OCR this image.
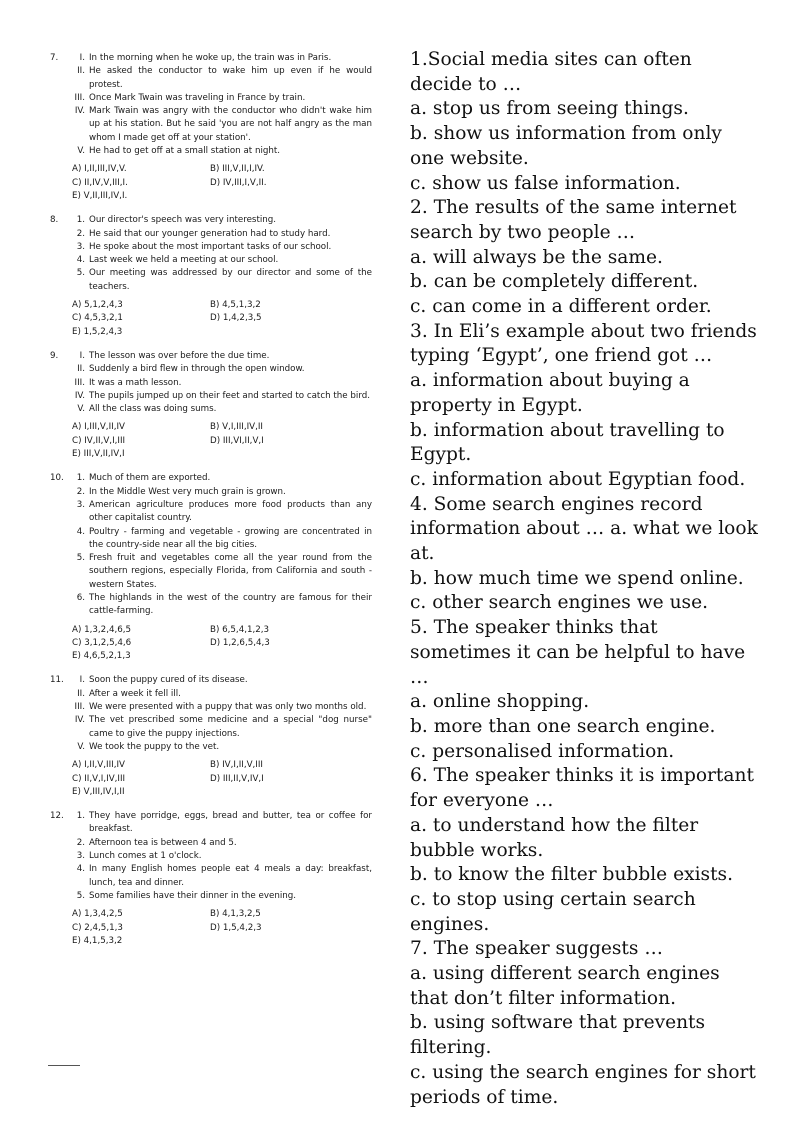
7.	I. In the morning when he woke up, the train was in Paris.
II. He asked the conductor to wake him up even if he would protest.
III. Once Mark Twain was traveling in France by train.
IV. Mark Twain was angry with the conductor who didn't wake him up at his station. But he said 'you are not half angry as the man whom I made get off at your station'.
V. He had to get off at a small station at night.
A) I,II,III,IV,V.	B) III,V,II,I,IV.
C) II,IV,V,III,I.	D) IV,III,I,V,II.
E) V,II,III,IV,I.
8.	1. Our director's speech was very interesting.
2. He said that our younger generation had to study hard.
3. He spoke about the most important tasks of our school.
4. Last week we held a meeting at our school.
5. Our meeting was addressed by our director and some of the teachers.
A) 5,1,2,4,3	B) 4,5,1,3,2
C) 4,5,3,2,1	D) 1,4,2,3,5
E) 1,5,2,4,3
9.	I. The lesson was over before the due time.
II. Suddenly a bird flew in through the open window.
III. It was a math lesson.
IV. The pupils jumped up on their feet and started to catch the bird.
V. All the class was doing sums.
A) I,III,V,II,IV	B) V,I,III,IV,II
C) IV,II,V,I,III	D) III,VI,II,V,I
E) III,V,II,IV,I
10.	1. Much of them are exported.
2. In the Middle West very much grain is grown.
3. American agriculture produces more food products than any other capitalist country.
4. Poultry - farming and vegetable - growing are concentrated in the country-side near all the big cities.
5. Fresh fruit and vegetables come all the year round from the southern regions, especially Florida, from California and south - western States.
6. The highlands in the west of the country are famous for their cattle-farming.
A) 1,3,2,4,6,5	B) 6,5,4,1,2,3
C) 3,1,2,5,4,6	D) 1,2,6,5,4,3
E) 4,6,5,2,1,3
11.	I. Soon the puppy cured of its disease.
II. After a week it fell ill.
III. We were presented with a puppy that was only two months old.
IV. The vet prescribed some medicine and a special "dog nurse" came to give the puppy injections.
V. We took the puppy to the vet.
A) I,II,V,III,IV	B) IV,I,II,V,III
C) II,V,I,IV,III	D) III,II,V,IV,I
E) V,III,IV,I,II
12.	1. They have porridge, eggs, bread and butter, tea or coffee for breakfast.
2. Afternoon tea is between 4 and 5.
3. Lunch comes at 1 o'clock.
4. In many English homes people eat 4 meals a day: breakfast, lunch, tea and dinner.
5. Some families have their dinner in the evening.
A) 1,3,4,2,5	B) 4,1,3,2,5
C) 2,4,5,1,3	D) 1,5,4,2,3
E) 4,1,5,3,2

1.Social media sites can often decide to …

a. stop us from seeing things.

b. show us information from only one website.

c. show us false information.

2. The results of the same internet search by two people …

a. will always be the same.

b. can be completely different.

c. can come in a different order.

3. In Eli’s example about two friends typing ‘Egypt’, one friend got …

a. information about buying a property in Egypt.

b. information about travelling to Egypt.

c. information about Egyptian food.

4. Some search engines record information about … a. what we look at.

b. how much time we spend online.

c. other search engines we use.

5. The speaker thinks that sometimes it can be helpful to have …

a. online shopping.

b. more than one search engine.

c. personalised information.

6. The speaker thinks it is important for everyone …

a. to understand how the filter bubble works.

b. to know the filter bubble exists.

c. to stop using certain search engines.

7. The speaker suggests …

a. using different search engines that don’t filter information.

b. using software that prevents filtering.

c. using the search engines for short periods of time.
